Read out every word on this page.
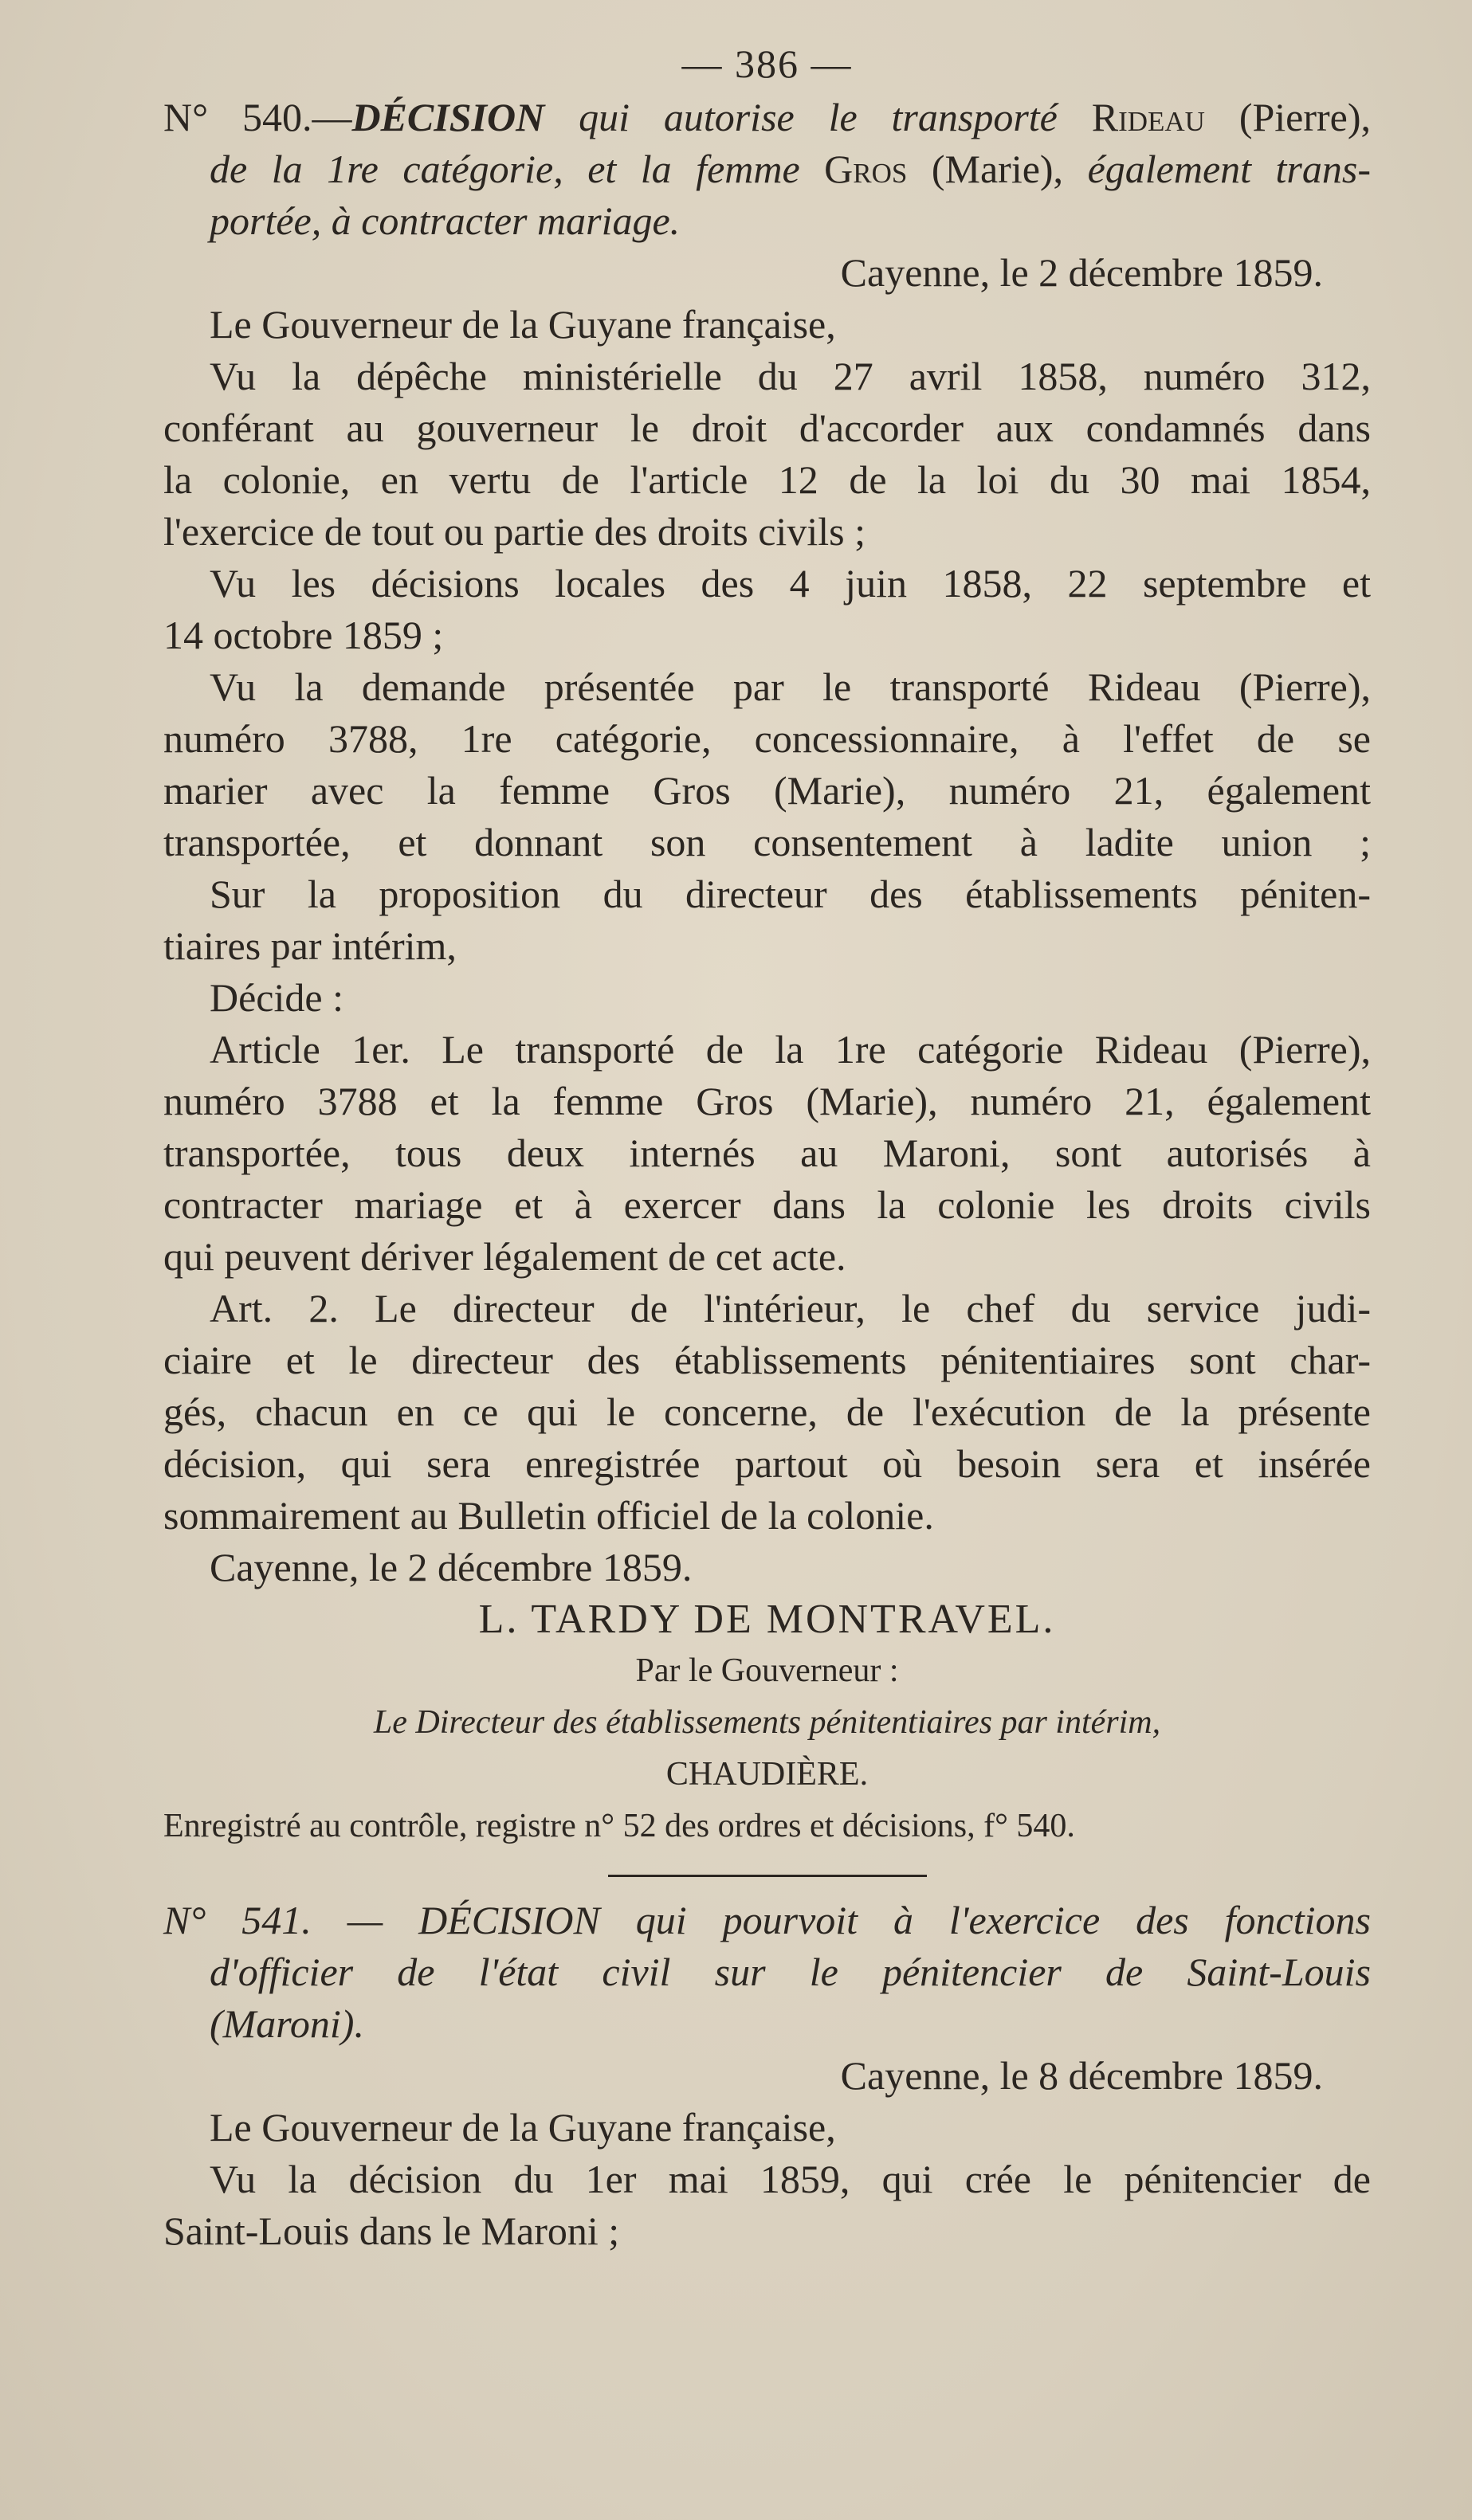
— 386 —
N° 540.—DÉCISION qui autorise le transporté Rideau (Pierre),
de la 1re catégorie, et la femme Gros (Marie), également trans-
portée, à contracter mariage.
Cayenne, le 2 décembre 1859.
Le Gouverneur de la Guyane française,
Vu la dépêche ministérielle du 27 avril 1858, numéro 312,
conférant au gouverneur le droit d'accorder aux condamnés dans
la colonie, en vertu de l'article 12 de la loi du 30 mai 1854,
l'exercice de tout ou partie des droits civils ;
Vu les décisions locales des 4 juin 1858, 22 septembre et
14 octobre 1859 ;
Vu la demande présentée par le transporté Rideau (Pierre),
numéro 3788, 1re catégorie, concessionnaire, à l'effet de se
marier avec la femme Gros (Marie), numéro 21, également
transportée, et donnant son consentement à ladite union ;
Sur la proposition du directeur des établissements péniten-
tiaires par intérim,
Décide :
Article 1er. Le transporté de la 1re catégorie Rideau (Pierre),
numéro 3788 et la femme Gros (Marie), numéro 21, également
transportée, tous deux internés au Maroni, sont autorisés à
contracter mariage et à exercer dans la colonie les droits civils
qui peuvent dériver légalement de cet acte.
Art. 2. Le directeur de l'intérieur, le chef du service judi-
ciaire et le directeur des établissements pénitentiaires sont char-
gés, chacun en ce qui le concerne, de l'exécution de la présente
décision, qui sera enregistrée partout où besoin sera et insérée
sommairement au Bulletin officiel de la colonie.
Cayenne, le 2 décembre 1859.
L. TARDY DE MONTRAVEL.
Par le Gouverneur :
Le Directeur des établissements pénitentiaires par intérim,
CHAUDIÈRE.
Enregistré au contrôle, registre n° 52 des ordres et décisions, f° 540.
N° 541. — DÉCISION qui pourvoit à l'exercice des fonctions
d'officier de l'état civil sur le pénitencier de Saint-Louis
(Maroni).
Cayenne, le 8 décembre 1859.
Le Gouverneur de la Guyane française,
Vu la décision du 1er mai 1859, qui crée le pénitencier de
Saint-Louis dans le Maroni ;
